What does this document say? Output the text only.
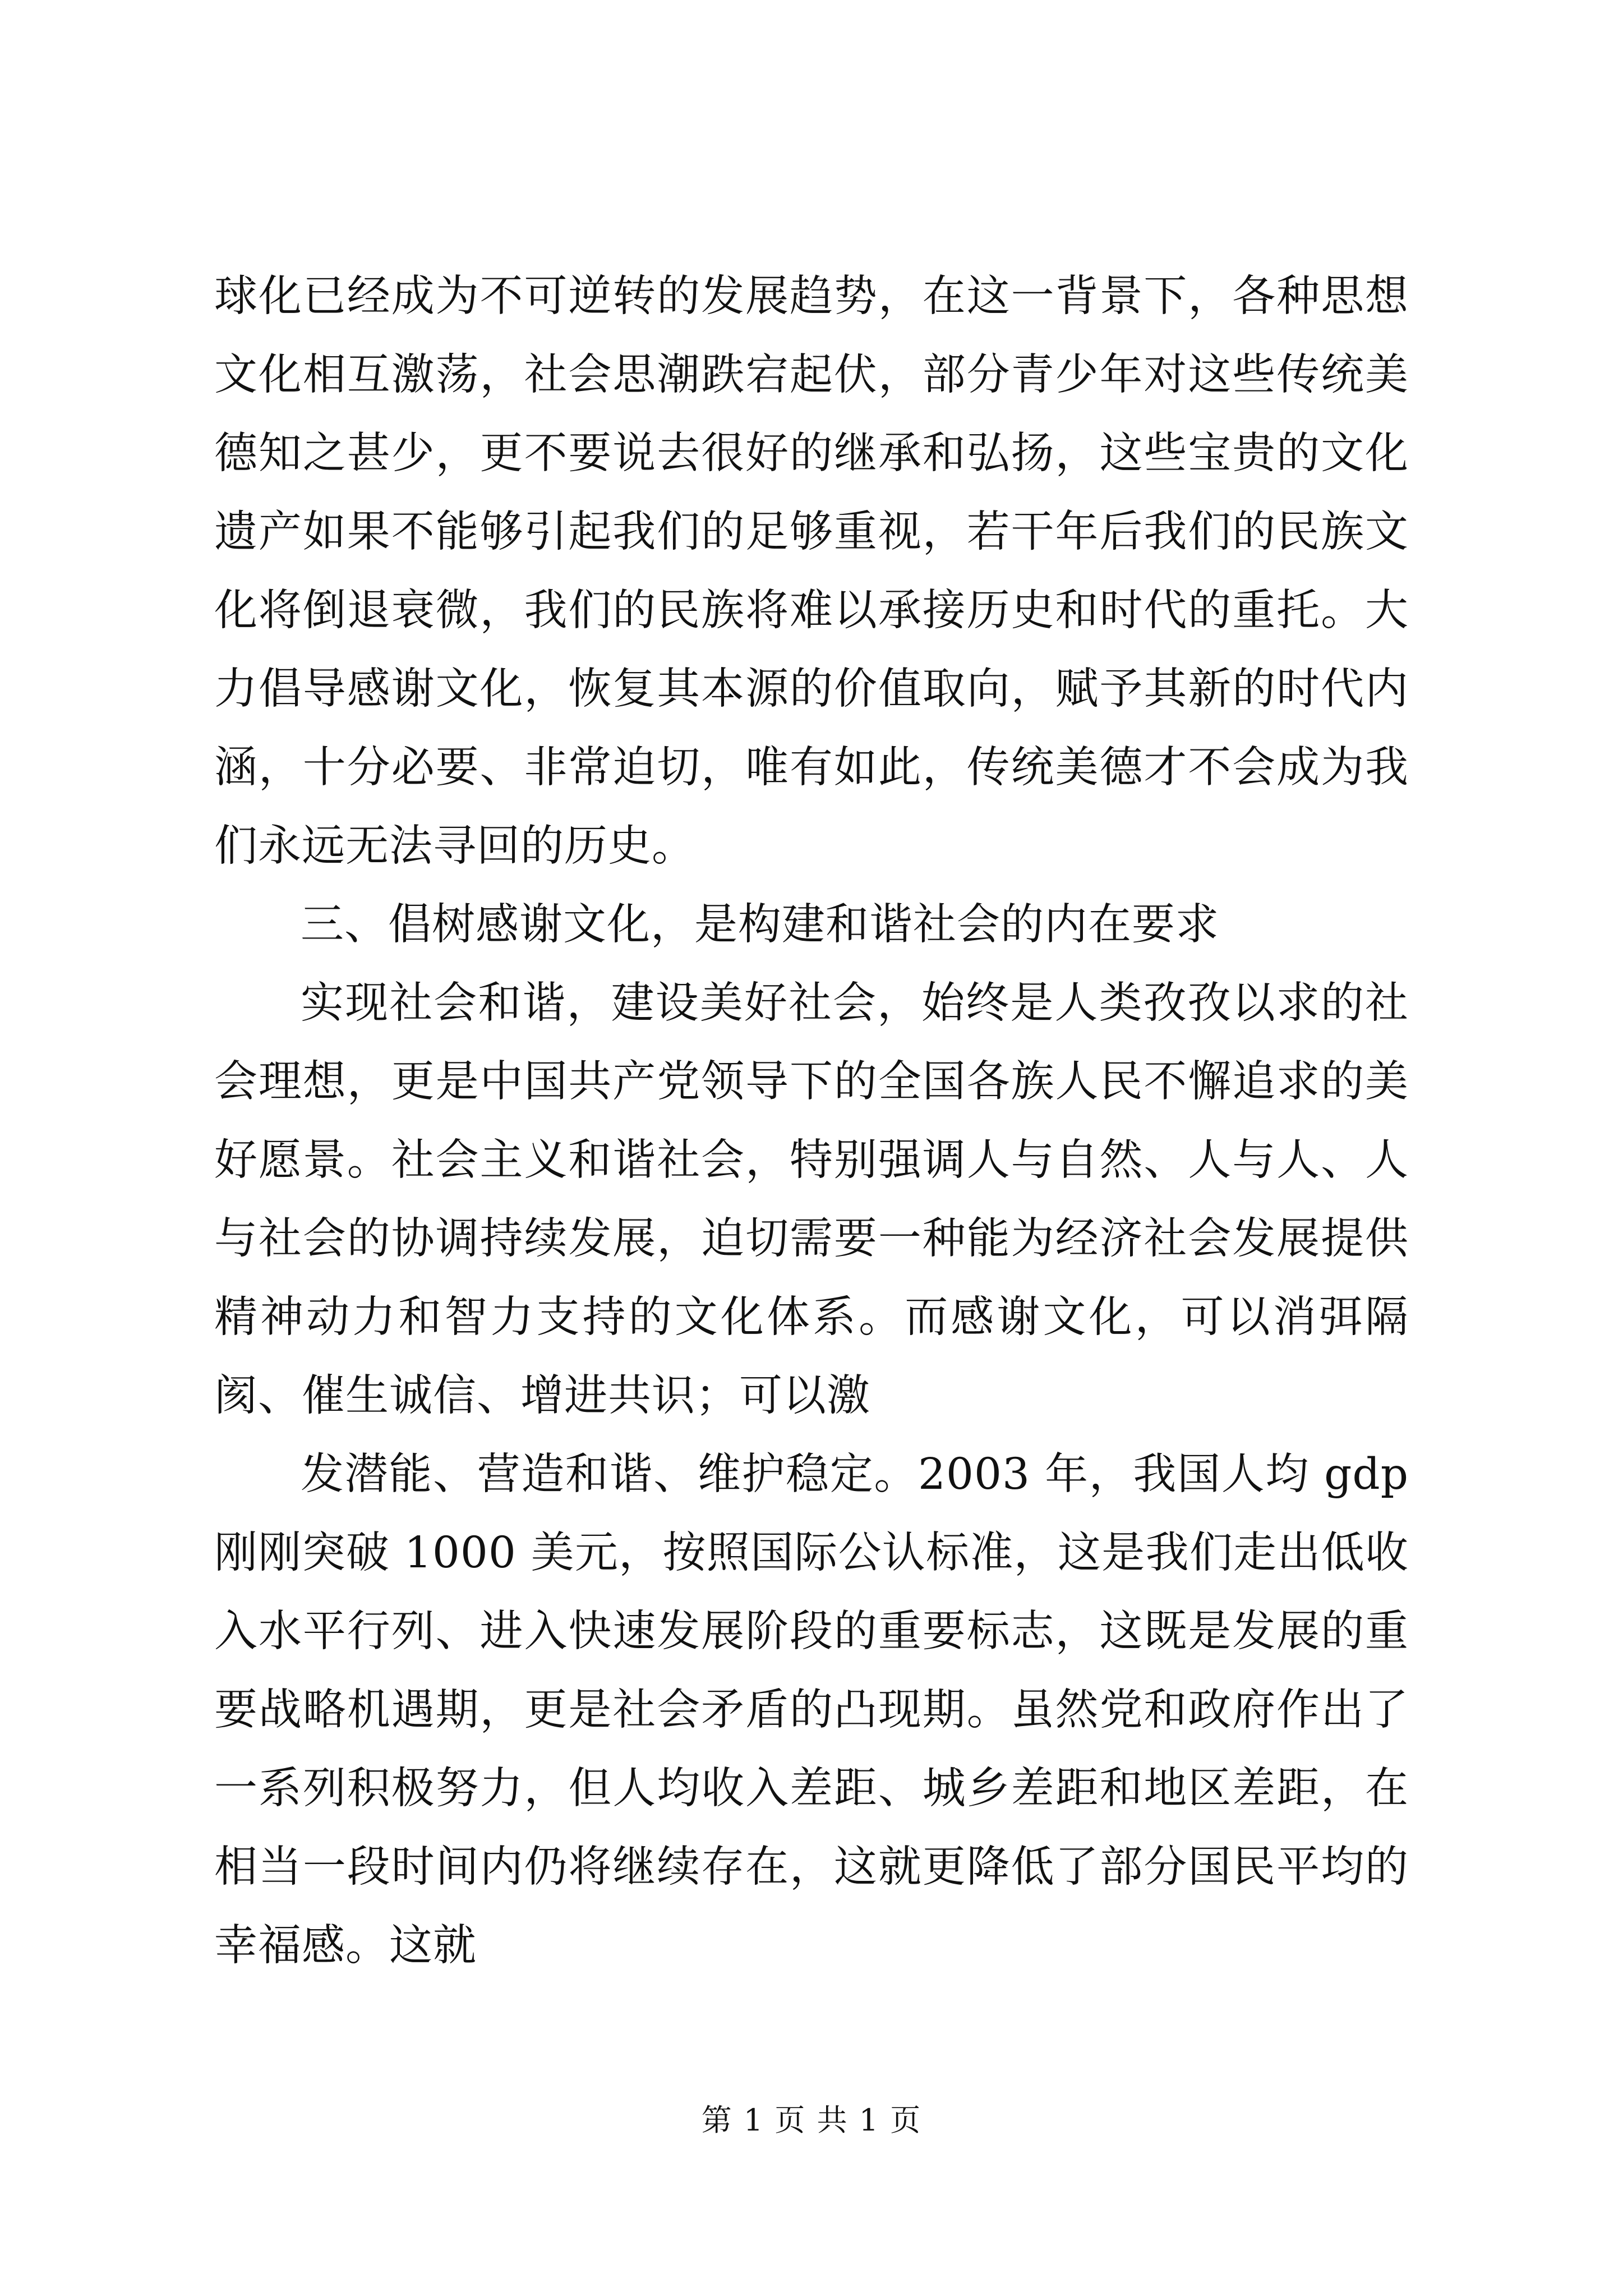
球化已经成为不可逆转的发展趋势，在这一背景下，各种思想文化相互激荡，社会思潮跌宕起伏，部分青少年对这些传统美德知之甚少，更不要说去很好的继承和弘扬，这些宝贵的文化遗产如果不能够引起我们的足够重视，若干年后我们的民族文化将倒退衰微，我们的民族将难以承接历史和时代的重托。大力倡导感谢文化，恢复其本源的价值取向，赋予其新的时代内涵，十分必要、非常迫切，唯有如此，传统美德才不会成为我们永远无法寻回的历史。

三、倡树感谢文化，是构建和谐社会的内在要求

实现社会和谐，建设美好社会，始终是人类孜孜以求的社会理想，更是中国共产党领导下的全国各族人民不懈追求的美好愿景。社会主义和谐社会，特别强调人与自然、人与人、人与社会的协调持续发展，迫切需要一种能为经济社会发展提供精神动力和智力支持的文化体系。而感谢文化，可以消弭隔阂、催生诚信、增进共识；可以激

发潜能、营造和谐、维护稳定。2003 年，我国人均 gdp 刚刚突破 1000 美元，按照国际公认标准，这是我们走出低收入水平行列、进入快速发展阶段的重要标志，这既是发展的重要战略机遇期，更是社会矛盾的凸现期。虽然党和政府作出了一系列积极努力，但人均收入差距、城乡差距和地区差距，在相当一段时间内仍将继续存在，这就更降低了部分国民平均的幸福感。这就

第 1 页 共 1 页
